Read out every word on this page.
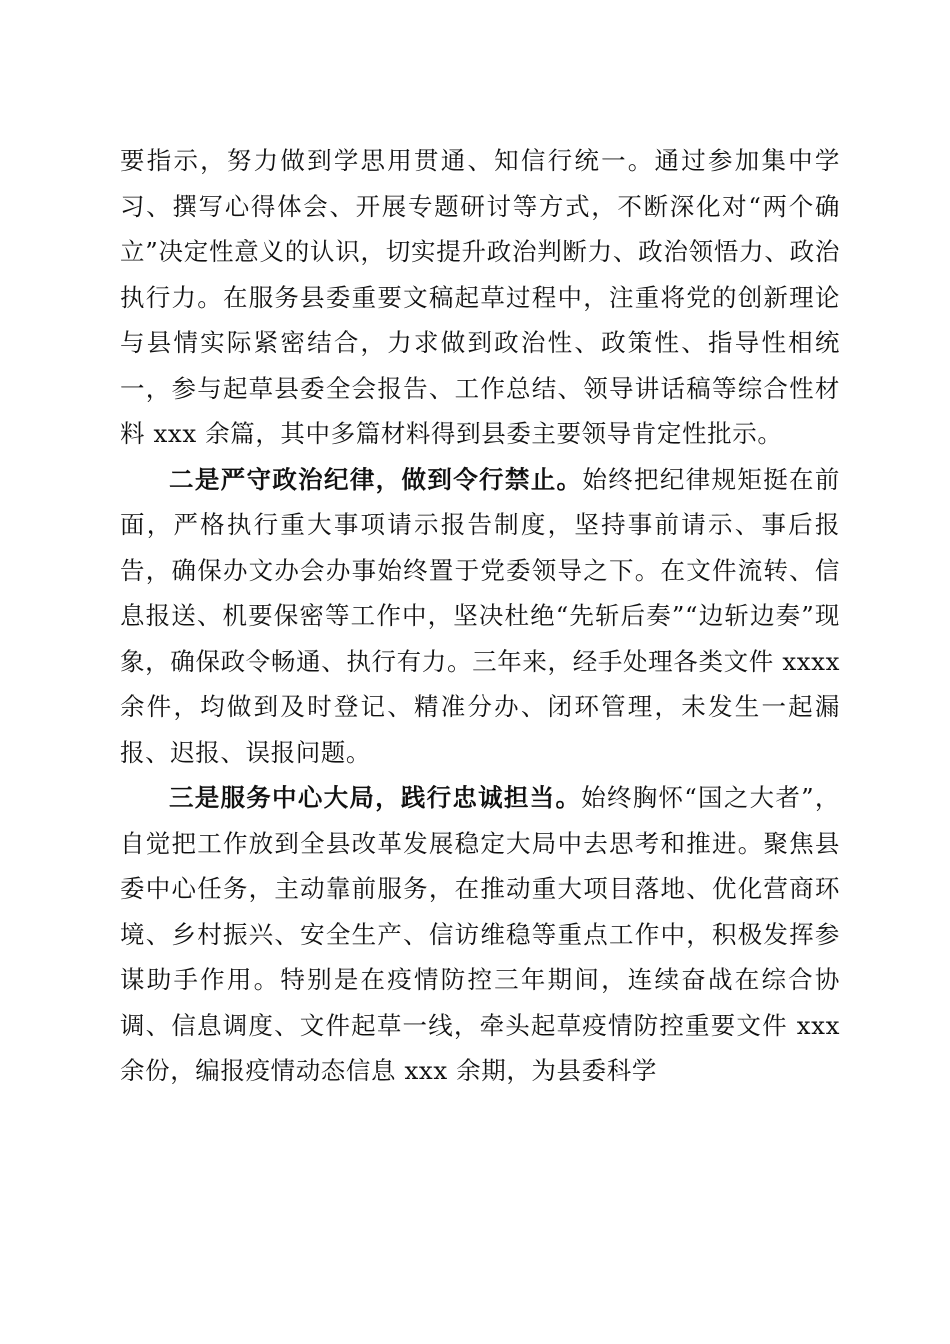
要指示，努力做到学思用贯通、知信行统一。通过参加集中学习、撰写心得体会、开展专题研讨等方式，不断深化对“两个确立”决定性意义的认识，切实提升政治判断力、政治领悟力、政治执行力。在服务县委重要文稿起草过程中，注重将党的创新理论与县情实际紧密结合，力求做到政治性、政策性、指导性相统一，参与起草县委全会报告、工作总结、领导讲话稿等综合性材料 xxx 余篇，其中多篇材料得到县委主要领导肯定性批示。

二是严守政治纪律，做到令行禁止。始终把纪律规矩挺在前面，严格执行重大事项请示报告制度，坚持事前请示、事后报告，确保办文办会办事始终置于党委领导之下。在文件流转、信息报送、机要保密等工作中，坚决杜绝“先斩后奏”“边斩边奏”现象，确保政令畅通、执行有力。三年来，经手处理各类文件 xxxx 余件，均做到及时登记、精准分办、闭环管理，未发生一起漏报、迟报、误报问题。

三是服务中心大局，践行忠诚担当。始终胸怀“国之大者”，自觉把工作放到全县改革发展稳定大局中去思考和推进。聚焦县委中心任务，主动靠前服务，在推动重大项目落地、优化营商环境、乡村振兴、安全生产、信访维稳等重点工作中，积极发挥参谋助手作用。特别是在疫情防控三年期间，连续奋战在综合协调、信息调度、文件起草一线，牵头起草疫情防控重要文件 xxx 余份，编报疫情动态信息 xxx 余期，为县委科学
